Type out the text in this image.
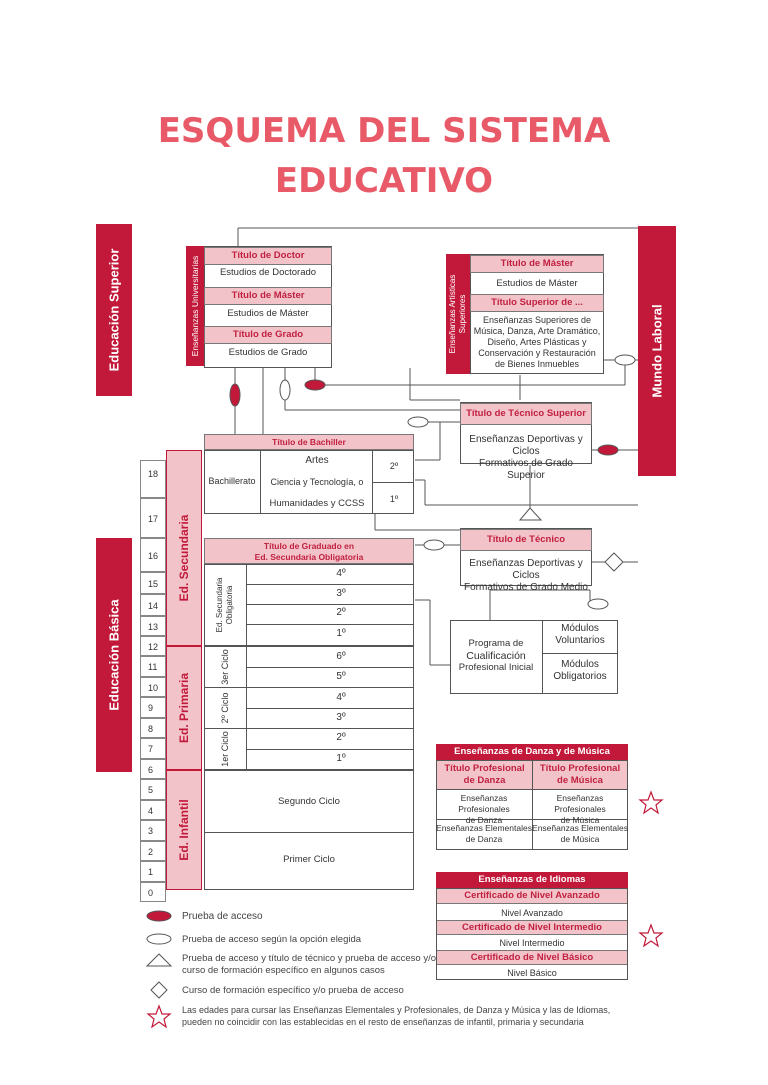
ESQUEMA DEL SISTEMA
EDUCATIVO
Educación Superior
Educación Básica
Mundo Laboral
Enseñanzas Universitarias
Título de Doctor
Estudios de Doctorado
Título de Máster
Estudios de Máster
Título de Grado
Estudios de Grado	Enseñanzas Artísticas Superiores
Título de Máster
Estudios de Máster
Título Superior de ...
Enseñanzas Superiores de
Música, Danza, Arte Dramático,
Diseño, Artes Plásticas y
Conservación y Restauración
de Bienes Inmuebles
Título de Técnico Superior
Enseñanzas Deportivas y Ciclos
Formativos de Grado Superior
18
17
16
15
14
13
12
11
10
9
8
7
6
5
4
3
2
1
0
Ed. Secundaria
Ed. Primaria
Ed. Infantil
Título de Bachiller
Bachillerato
Artes
Ciencia y Tecnología, o
Humanidades y CCSS
2º
1º
Título de Técnico
Enseñanzas Deportivas y Ciclos
Formativos de Grado Medio
Título de Graduado en
Ed. Secundaria Obligatoria
Ed. Secundaria Obligatoria
4º
3º
2º
1º
Programa de
Cualificación
Profesional Inicial
Módulos
Voluntarios
Módulos
Obligatorios
3er Ciclo
2º Ciclo
1er Ciclo
6º
5º
4º
3º
2º
1º
Segundo Ciclo
Primer Ciclo
Enseñanzas de Danza y de Música
Título Profesional
de Danza
Título Profesional
de Música
Enseñanzas Profesionales
de Danza
Enseñanzas Profesionales
de Música
Enseñanzas Elementales
de Danza
Enseñanzas Elementales
de Música
Enseñanzas de Idiomas
Certificado de Nivel Avanzado
Nivel Avanzado
Certificado de Nivel Intermedio
Nivel Intermedio
Certificado de Nivel Básico
Nivel Básico
Prueba de acceso
Prueba de acceso según la opción elegida
Prueba de acceso y título de técnico y prueba de acceso y/o
curso de formación específico en algunos casos
Curso de formación específico y/o prueba de acceso
Las edades para cursar las Enseñanzas Elementales y Profesionales, de Danza y Música y las de Idiomas,
pueden no coincidir con las establecidas en el resto de enseñanzas de infantil, primaria y secundaria
